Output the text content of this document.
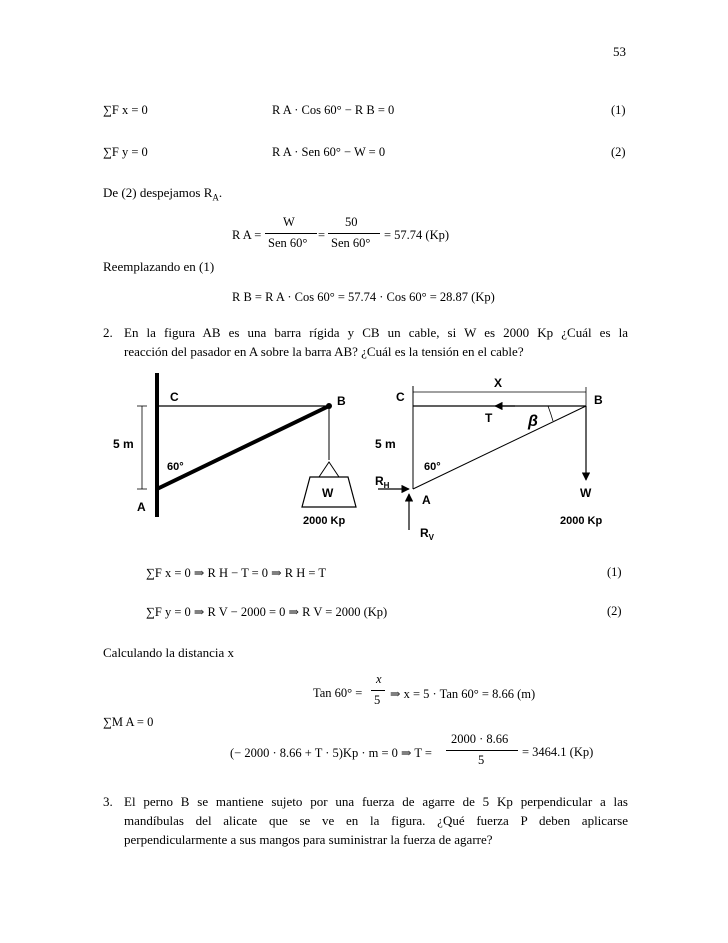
53
∑F x = 0	R A · Cos 60° − R B = 0	(1)
∑F y = 0	R A · Sen 60° − W = 0	(2)
De (2) despejamos $R_A$.
R A =
W
Sen 60°
=
50
Sen 60°
= 57.74 (Kp)
Reemplazando en (1)
R B = R A · Cos 60° = 57.74 · Cos 60° = 28.87 (Kp)
2. En la figura AB es una barra rígida y CB un cable, si W es 2000 Kp ¿Cuál es la
reacción del pasador en A sobre la barra AB? ¿Cuál es la tensión en el cable?
C	B
A
5 m
60°
W
2000 Kp
C
X
B
T β
5 m
60°
$R_H$
A	W
2000 Kp
$R_V$
∑F x = 0 ⇒ R H − T = 0 ⇒ R H = T	(1)
∑F y = 0 ⇒ R V − 2000 = 0 ⇒ R V = 2000 (Kp)	(2)
Calculando la distancia x
Tan 60° =
x
5 ⇒ x = 5 · Tan 60° = 8.66 (m)
∑M A = 0
(− 2000 · 8.66 + T · 5)Kp · m = 0 ⇒ T =
2000 · 8.66
5
= 3464.1 (Kp)
3. El perno B se mantiene sujeto por una fuerza de agarre de 5 Kp perpendicular a las
mandíbulas del alicate que se ve en la figura. ¿Qué fuerza P deben aplicarse
perpendicularmente a sus mangos para suministrar la fuerza de agarre?
